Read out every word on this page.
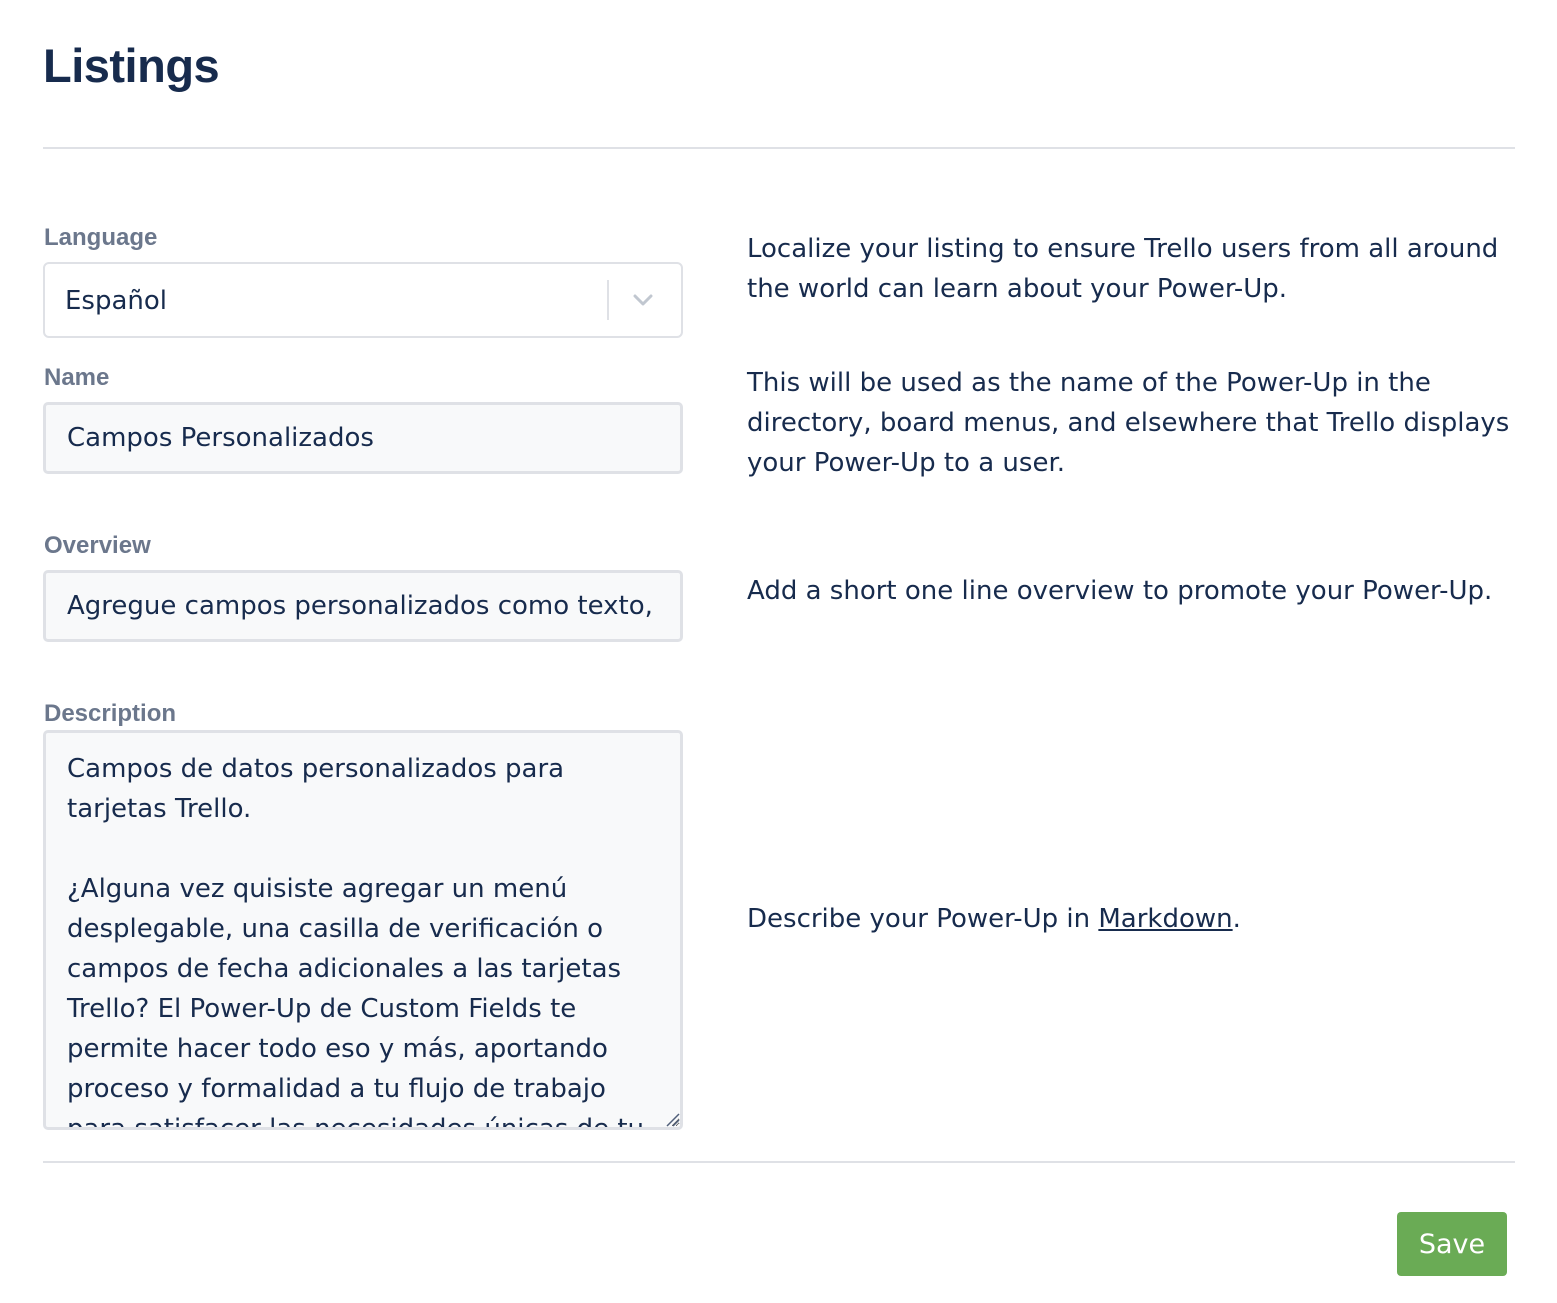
Listings
Language
Español

Localize your listing to ensure Trello users from all around the world can learn about your Power-Up.

Name
Campos Personalizados	This will be used as the name of the Power-Up in the directory, board menus, and elsewhere that Trello displays your Power-Up to a user.

Overview
Agregue campos personalizados como texto, números, casillas de verificación, fechas y menús desplegables a las tarjetas.

Add a short one line overview to promote your Power-Up.

Description
Campos de datos personalizados para tarjetas Trello. ¿Alguna vez quisiste agregar un menú desplegable, una casilla de verificación o campos de fecha adicionales a las tarjetas Trello? El Power-Up de Custom Fields te permite hacer todo eso y más, aportando proceso y formalidad a tu flujo de trabajo para satisfacer las necesidades únicas de tu equipo.

Describe your Power-Up in Markdown.

Save
